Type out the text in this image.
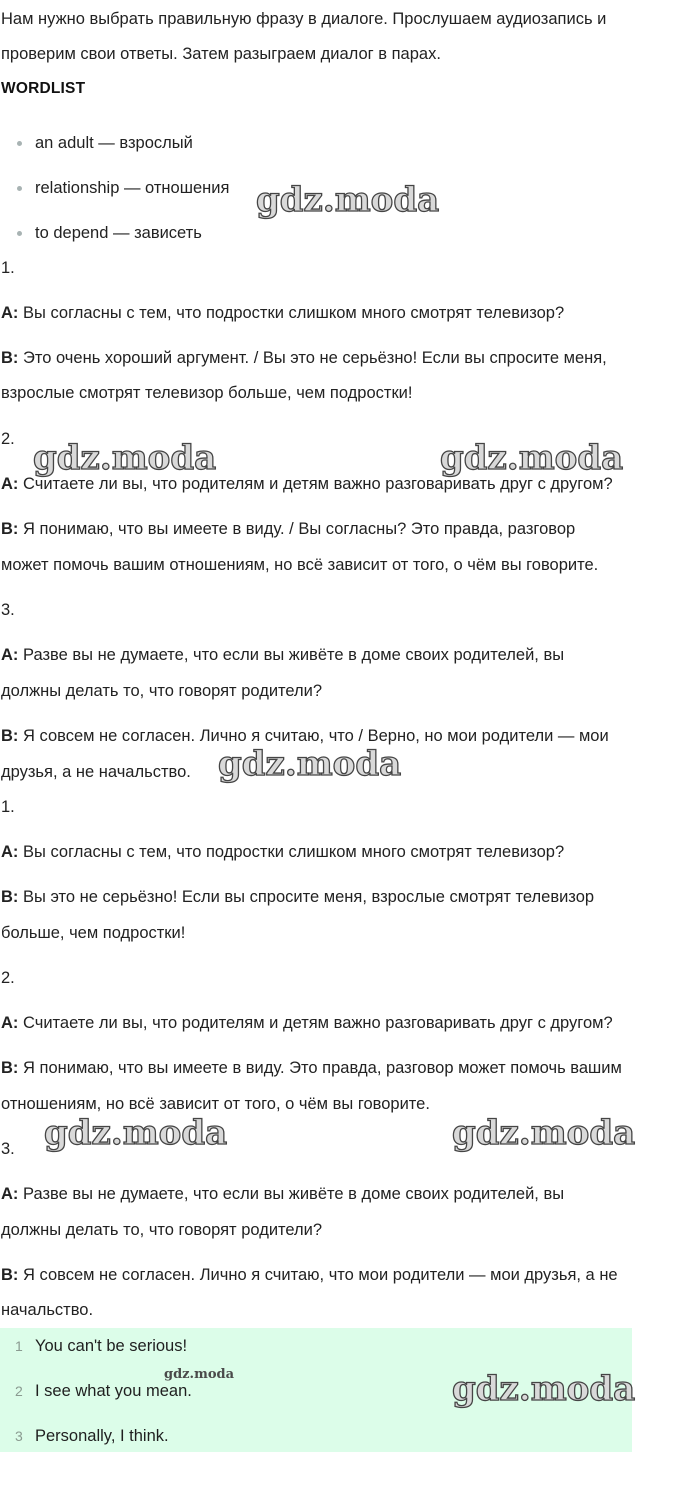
Нам нужно выбрать правильную фразу в диалоге. Прослушаем аудиозапись и
проверим свои ответы. Затем разыграем диалог в парах.
WORDLIST
an adult — взрослый
relationship — отношения
to depend — зависеть
1.
A: Вы согласны с тем, что подростки слишком много смотрят телевизор?
B: Это очень хороший аргумент. / Вы это не серьёзно! Если вы спросите меня,
взрослые смотрят телевизор больше, чем подростки!
2.
A: Считаете ли вы, что родителям и детям важно разговаривать друг с другом?
B: Я понимаю, что вы имеете в виду. / Вы согласны? Это правда, разговор
может помочь вашим отношениям, но всё зависит от того, о чём вы говорите.
3.
A: Разве вы не думаете, что если вы живёте в доме своих родителей, вы
должны делать то, что говорят родители?
B: Я совсем не согласен. Лично я считаю, что / Верно, но мои родители — мои
друзья, а не начальство.
1.
A: Вы согласны с тем, что подростки слишком много смотрят телевизор?
B: Вы это не серьёзно! Если вы спросите меня, взрослые смотрят телевизор
больше, чем подростки!
2.
A: Считаете ли вы, что родителям и детям важно разговаривать друг с другом?
B: Я понимаю, что вы имеете в виду. Это правда, разговор может помочь вашим
отношениям, но всё зависит от того, о чём вы говорите.
3.
A: Разве вы не думаете, что если вы живёте в доме своих родителей, вы
должны делать то, что говорят родители?
B: Я совсем не согласен. Лично я считаю, что мои родители — мои друзья, а не
начальство.
1 You can't be serious!
2 I see what you mean.
3 Personally, I think.
gdz.moda
gdz.moda	gdz.moda
gdz.moda
gdz.moda	gdz.moda
gdz.moda
gdz.moda
